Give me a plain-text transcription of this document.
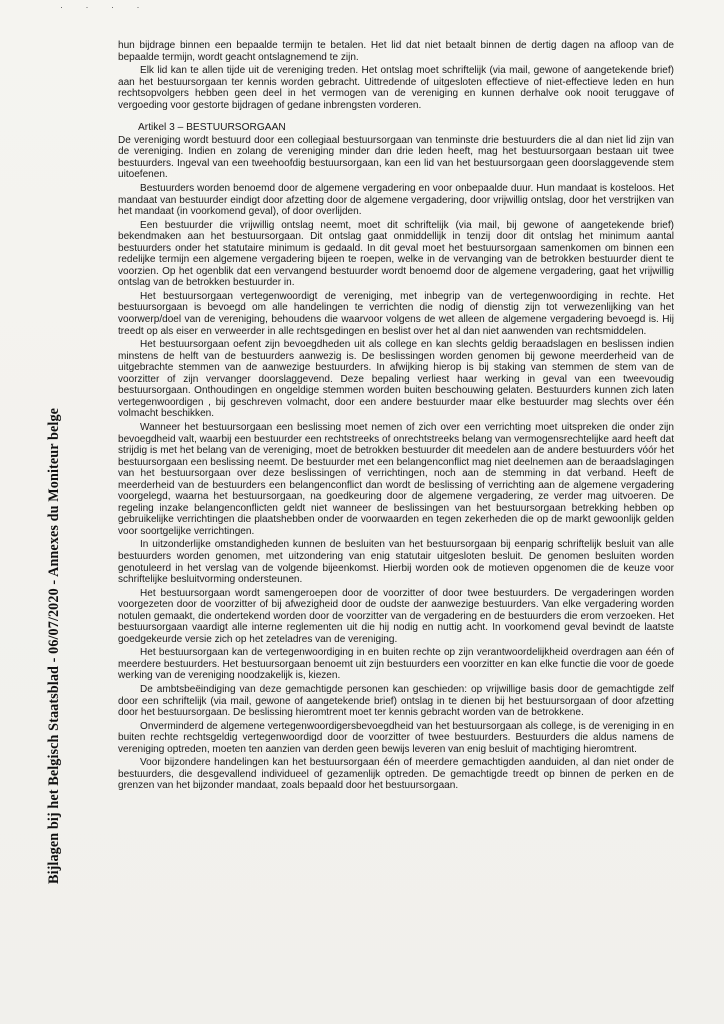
· · · ·
Bijlagen bij het Belgisch Staatsblad - 06/07/2020 - Annexes du Moniteur belge

hun bijdrage binnen een bepaalde termijn te betalen. Het lid dat niet betaalt binnen de dertig dagen na afloop van de bepaalde termijn, wordt geacht ontslagnemend te zijn.

Elk lid kan te allen tijde uit de vereniging treden. Het ontslag moet schriftelijk (via mail, gewone of aangetekende brief) aan het bestuursorgaan ter kennis worden gebracht. Uittredende of uitgesloten effectieve of niet-effectieve leden en hun rechtsopvolgers hebben geen deel in het vermogen van de vereniging en kunnen derhalve ook nooit teruggave of vergoeding voor gestorte bijdragen of gedane inbrengsten vorderen.

Artikel 3 – BESTUURSORGAAN

De vereniging wordt bestuurd door een collegiaal bestuursorgaan van tenminste drie bestuurders die al dan niet lid zijn van de vereniging. Indien en zolang de vereniging minder dan drie leden heeft, mag het bestuursorgaan bestaan uit twee bestuurders. Ingeval van een tweehoofdig bestuursorgaan, kan een lid van het bestuursorgaan geen doorslaggevende stem uitoefenen.

Bestuurders worden benoemd door de algemene vergadering en voor onbepaalde duur. Hun mandaat is kosteloos. Het mandaat van bestuurder eindigt door afzetting door de algemene vergadering, door vrijwillig ontslag, door het verstrijken van het mandaat (in voorkomend geval), of door overlijden.

Een bestuurder die vrijwillig ontslag neemt, moet dit schriftelijk (via mail, bij gewone of aangetekende brief) bekendmaken aan het bestuursorgaan. Dit ontslag gaat onmiddellijk in tenzij door dit ontslag het minimum aantal bestuurders onder het statutaire minimum is gedaald. In dit geval moet het bestuursorgaan samenkomen om binnen een redelijke termijn een algemene vergadering bijeen te roepen, welke in de vervanging van de betrokken bestuurder dient te voorzien. Op het ogenblik dat een vervangend bestuurder wordt benoemd door de algemene vergadering, gaat het vrijwillig ontslag van de betrokken bestuurder in.

Het bestuursorgaan vertegenwoordigt de vereniging, met inbegrip van de vertegenwoordiging in rechte. Het bestuursorgaan is bevoegd om alle handelingen te verrichten die nodig of dienstig zijn tot verwezenlijking van het voorwerp/doel van de vereniging, behoudens die waarvoor volgens de wet alleen de algemene vergadering bevoegd is. Hij treedt op als eiser en verweerder in alle rechtsgedingen en beslist over het al dan niet aanwenden van rechtsmiddelen.

Het bestuursorgaan oefent zijn bevoegdheden uit als college en kan slechts geldig beraadslagen en beslissen indien minstens de helft van de bestuurders aanwezig is. De beslissingen worden genomen bij gewone meerderheid van de uitgebrachte stemmen van de aanwezige bestuurders. In afwijking hierop is bij staking van stemmen de stem van de voorzitter of zijn vervanger doorslaggevend. Deze bepaling verliest haar werking in geval van een tweevoudig bestuursorgaan. Onthoudingen en ongeldige stemmen worden buiten beschouwing gelaten. Bestuurders kunnen zich laten vertegenwoordigen , bij geschreven volmacht, door een andere bestuurder maar elke bestuurder mag slechts over één volmacht beschikken.

Wanneer het bestuursorgaan een beslissing moet nemen of zich over een verrichting moet uitspreken die onder zijn bevoegdheid valt, waarbij een bestuurder een rechtstreeks of onrechtstreeks belang van vermogensrechtelijke aard heeft dat strijdig is met het belang van de vereniging, moet de betrokken bestuurder dit meedelen aan de andere bestuurders vóór het bestuursorgaan een beslissing neemt. De bestuurder met een belangenconflict mag niet deelnemen aan de beraadslagingen van het bestuursorgaan over deze beslissingen of verrichtingen, noch aan de stemming in dat verband. Heeft de meerderheid van de bestuurders een belangenconflict dan wordt de beslissing of verrichting aan de algemene vergadering voorgelegd, waarna het bestuursorgaan, na goedkeuring door de algemene vergadering, ze verder mag uitvoeren. De regeling inzake belangenconflicten geldt niet wanneer de beslissingen van het bestuursorgaan betrekking hebben op gebruikelijke verrichtingen die plaatshebben onder de voorwaarden en tegen zekerheden die op de markt gewoonlijk gelden voor soortgelijke verrichtingen.

In uitzonderlijke omstandigheden kunnen de besluiten van het bestuursorgaan bij eenparig schriftelijk besluit van alle bestuurders worden genomen, met uitzondering van enig statutair uitgesloten besluit. De genomen besluiten worden genotuleerd in het verslag van de volgende bijeenkomst. Hierbij worden ook de motieven opgenomen die de keuze voor schriftelijke besluitvorming ondersteunen.

Het bestuursorgaan wordt samengeroepen door de voorzitter of door twee bestuurders. De vergaderingen worden voorgezeten door de voorzitter of bij afwezigheid door de oudste der aanwezige bestuurders. Van elke vergadering worden notulen gemaakt, die ondertekend worden door de voorzitter van de vergadering en de bestuurders die erom verzoeken. Het bestuursorgaan vaardigt alle interne reglementen uit die hij nodig en nuttig acht. In voorkomend geval bevindt de laatste goedgekeurde versie zich op het zeteladres van de vereniging.

Het bestuursorgaan kan de vertegenwoordiging in en buiten rechte op zijn verantwoordelijkheid overdragen aan één of meerdere bestuurders. Het bestuursorgaan benoemt uit zijn bestuurders een voorzitter en kan elke functie die voor de goede werking van de vereniging noodzakelijk is, kiezen.

De ambtsbeëindiging van deze gemachtigde personen kan geschieden: op vrijwillige basis door de gemachtigde zelf door een schriftelijk (via mail, gewone of aangetekende brief) ontslag in te dienen bij het bestuursorgaan of door afzetting door het bestuursorgaan. De beslissing hieromtrent moet ter kennis gebracht worden van de betrokkene.

Onverminderd de algemene vertegenwoordigersbevoegdheid van het bestuursorgaan als college, is de vereniging in en buiten rechte rechtsgeldig vertegenwoordigd door de voorzitter of twee bestuurders. Bestuurders die aldus namens de vereniging optreden, moeten ten aanzien van derden geen bewijs leveren van enig besluit of machtiging hieromtrent.

Voor bijzondere handelingen kan het bestuursorgaan één of meerdere gemachtigden aanduiden, al dan niet onder de bestuurders, die desgevallend individueel of gezamenlijk optreden. De gemachtigde treedt op binnen de perken en de grenzen van het bijzonder mandaat, zoals bepaald door het bestuursorgaan.
